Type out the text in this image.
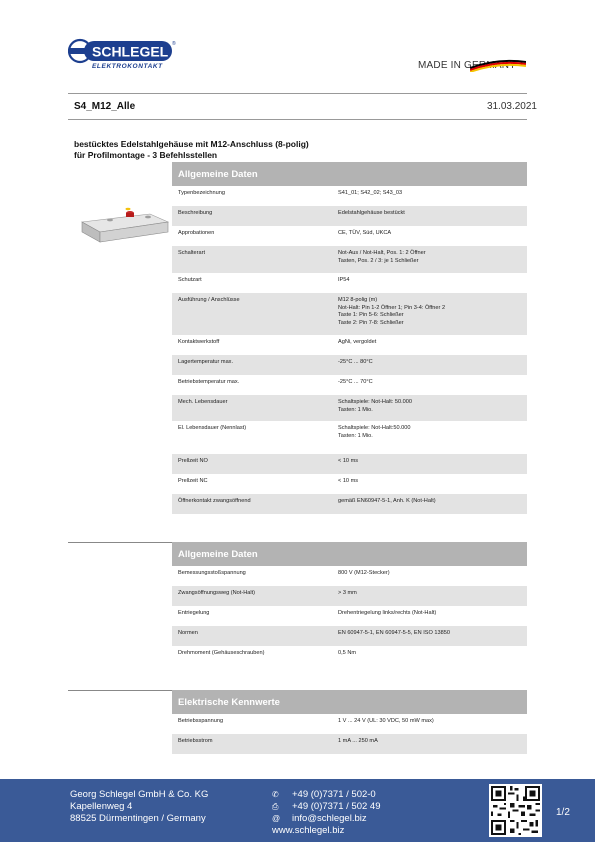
SCHLEGEL ®
ELEKTROKONTAKT	MADE IN GERMANY
S4_M12_Alle	31.03.2021
bestücktes Edelstahlgehäuse mit M12-Anschluss (8-polig)
für Profilmontage - 3 Befehlsstellen
Allgemeine Daten
Typenbezeichnung	S41_01; S42_02; S43_03
Beschreibung	Edelstahlgehäuse bestückt
Approbationen	CE, TÜV, Süd, UKCA
Schalterart	Not-Aus / Not-Halt, Pos. 1: 2 Öffner
Tasten, Pos. 2 / 3: je 1 Schließer
Schutzart	IP54
Ausführung / Anschlüsse	M12 8-polig (m)
Not-Halt: Pin 1-2 Öffner 1; Pin 3-4: Öffner 2
Taste 1: Pin 5-6: Schließer
Taste 2: Pin 7-8: Schließer
Kontaktwerkstoff	AgNi, vergoldet
Lagertemperatur max.	-25°C ... 80°C
Betriebstemperatur max.	-25°C ... 70°C
Mech. Lebensdauer	Schaltspiele: Not-Halt: 50.000
Tasten: 1 Mio.
El. Lebensdauer (Nennlast)	Schaltspiele: Not-Halt:50.000
Tasten: 1 Mio.
Prellzeit NO	< 10 ms
Prellzeit NC	< 10 ms
Öffnerkontakt zwangsöffnend	gemäß EN60947-5-1, Anh. K (Not-Halt)
Allgemeine Daten
Bemessungsstoßspannung	800 V (M12-Stecker)
Zwangsöffnungsweg (Not-Halt)	> 3 mm
Entriegelung	Drehentriegelung links/rechts (Not-Halt)
Normen	EN 60947-5-1, EN 60947-5-5, EN ISO 13850
Drehmoment (Gehäuseschrauben)	0,5 Nm
Elektrische Kennwerte
Betriebsspannung	1 V ... 24 V (UL: 30 VDC, 50 mW max)
Betriebsstrom	1 mA ... 250 mA
Georg Schlegel GmbH & Co. KG
Kapellenweg 4
88525 Dürmentingen / Germany
✆	+49 (0)7371 / 502-0
⎙	+49 (0)7371 / 502 49
@	info@schlegel.biz
www.schlegel.biz
1/2
